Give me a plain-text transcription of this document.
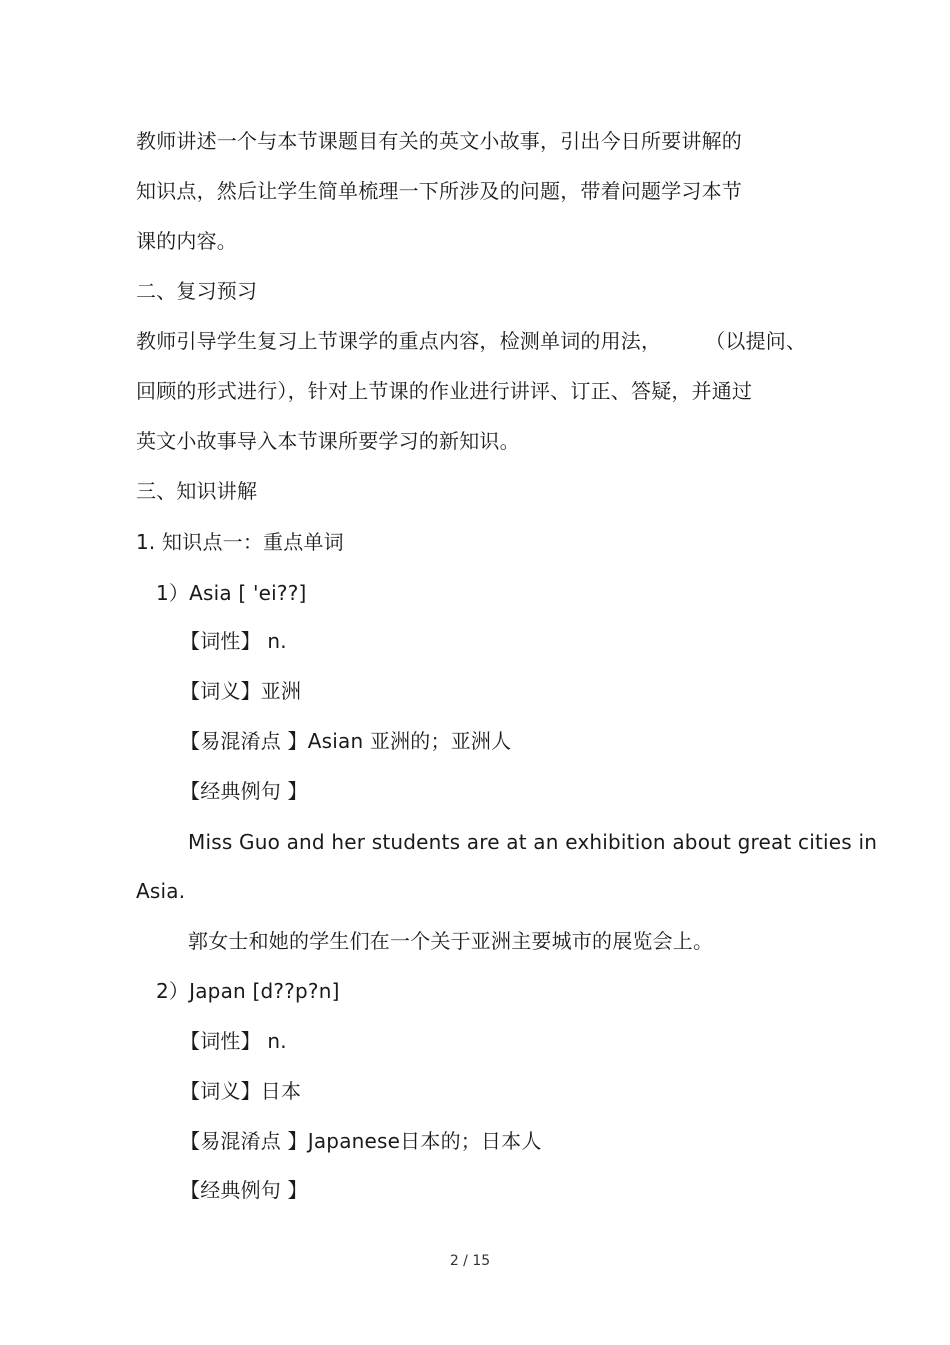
教师讲述一个与本节课题目有关的英文小故事，引出今日所要讲解的
知识点，然后让学生简单梳理一下所涉及的问题，带着问题学习本节
课的内容。
二、复习预习
教师引导学生复习上节课学的重点内容，检测单词的用法， （以提问、
回顾的形式进行），针对上节课的作业进行讲评、订正、答疑，并通过
英文小故事导入本节课所要学习的新知识。
三、知识讲解
1. 知识点一：重点单词
1）Asia [ 'ei??]
【词性】 n.
【词义】亚洲
【易混淆点 】Asian 亚洲的；亚洲人
【经典例句 】
Miss Guo and her students are at an exhibition about great cities in
Asia.
郭女士和她的学生们在一个关于亚洲主要城市的展览会上。
2）Japan [d??p?n]
【词性】 n.
【词义】日本
【易混淆点 】Japanese日本的；日本人
【经典例句 】
2 / 15
